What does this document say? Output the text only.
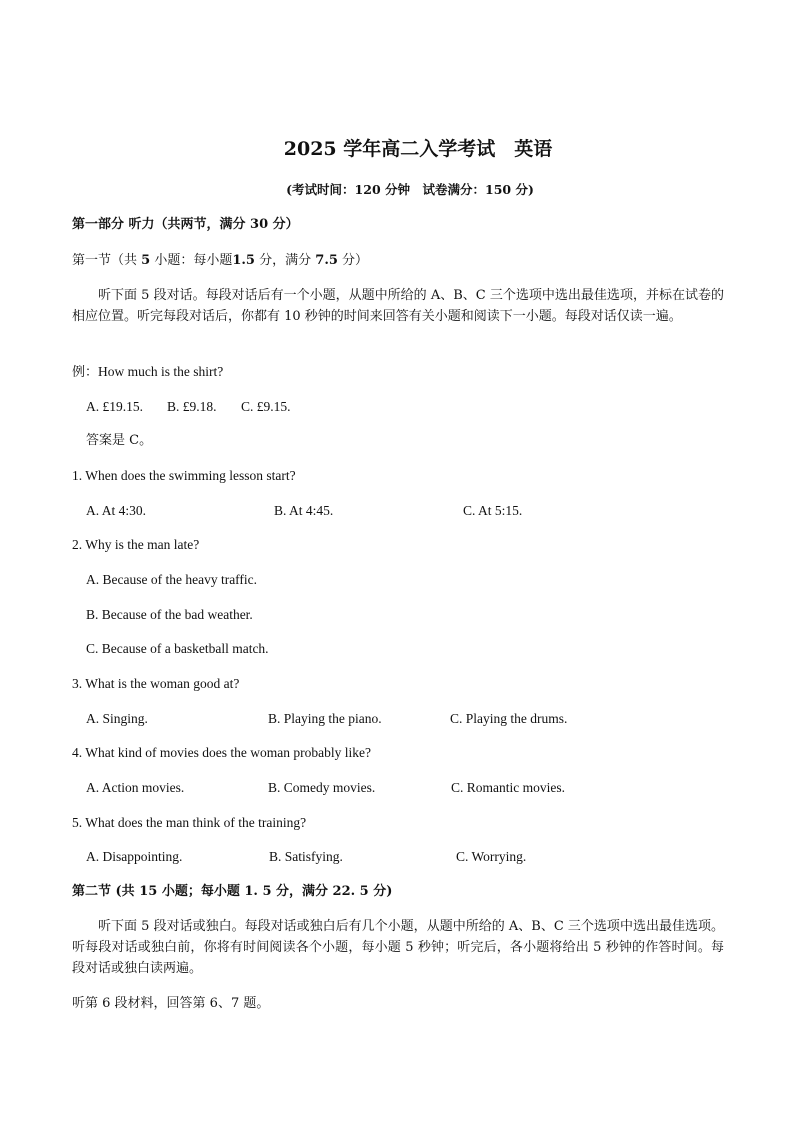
2025 学年高二入学考试　英语
(考试时间：120 分钟　试卷满分：150 分)
第一部分 听力（共两节，满分 30 分）
第一节（共 5 小题：每小题1.5 分，满分 7.5 分）
听下面 5 段对话。每段对话后有一个小题，从题中所给的 A、B、C 三个选项中选出最佳选项，并标在试卷的相应位置。听完每段对话后，你都有 10 秒钟的时间来回答有关小题和阅读下一小题。每段对话仅读一遍。
例：How much is the shirt?
A. £19.15. B. £9.18. C. £9.15.
答案是 C。
1. When does the swimming lesson start?
A. At 4:30.	B. At 4:45.	C. At 5:15.
2. Why is the man late?
A. Because of the heavy traffic.
B. Because of the bad weather.
C. Because of a basketball match.
3. What is the woman good at?
A. Singing.	B. Playing the piano.	C. Playing the drums.
4. What kind of movies does the woman probably like?
A. Action movies.	B. Comedy movies.	C. Romantic movies.
5. What does the man think of the training?
A. Disappointing.	B. Satisfying.	C. Worrying.
第二节 (共 15 小题；每小题 1. 5 分，满分 22. 5 分)
听下面 5 段对话或独白。每段对话或独白后有几个小题，从题中所给的 A、B、C 三个选项中选出最佳选项。听每段对话或独白前，你将有时间阅读各个小题，每小题 5 秒钟；听完后，各小题将给出 5 秒钟的作答时间。每段对话或独白读两遍。
听第 6 段材料，回答第 6、7 题。
